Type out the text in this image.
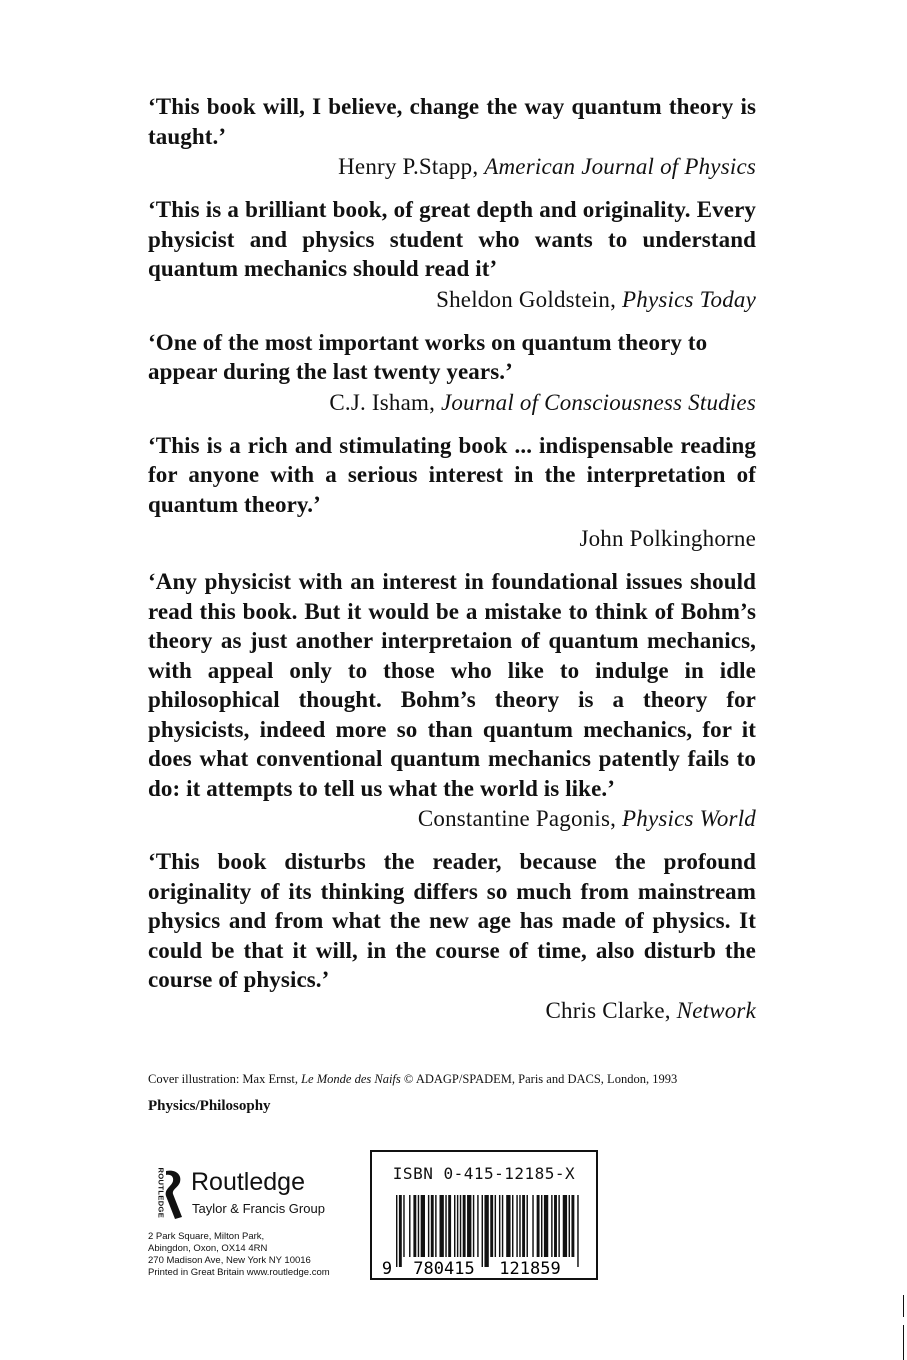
‘This book will, I believe, change the way quantum theory is taught.’
Henry P.Stapp, American Journal of Physics
‘This is a brilliant book, of great depth and originality. Every physicist and physics student who wants to understand quantum mechanics should read it’
Sheldon Goldstein, Physics Today
‘One of the most important works on quantum theory to appear during the last twenty years.’
C.J. Isham, Journal of Consciousness Studies
‘This is a rich and stimulating book ... indispensable reading for anyone with a serious interest in the interpretation of quantum theory.’
John Polkinghorne
‘Any physicist with an interest in foundational issues should read this book. But it would be a mistake to think of Bohm’s theory as just another interpretaion of quantum mechanics, with appeal only to those who like to indulge in idle philosophical thought. Bohm’s theory is a theory for physicists, indeed more so than quantum mechanics, for it does what conventional quantum mechanics patently fails to do: it attempts to tell us what the world is like.’
Constantine Pagonis, Physics World
‘This book disturbs the reader, because the profound originality of its thinking differs so much from mainstream physics and from what the new age has made of physics. It could be that it will, in the course of time, also disturb the course of physics.’
Chris Clarke, Network
Cover illustration: Max Ernst, Le Monde des Naifs © ADAGP/SPADEM, Paris and DACS, London, 1993
Physics/Philosophy
ROUTLEDGE Routledge
Taylor & Francis Group
2 Park Square, Milton Park,
Abingdon, Oxon, OX14 4RN
270 Madison Ave, New York NY 10016
Printed in Great Britain www.routledge.com
ISBN 0-415-12185-X
9 780415 121859
